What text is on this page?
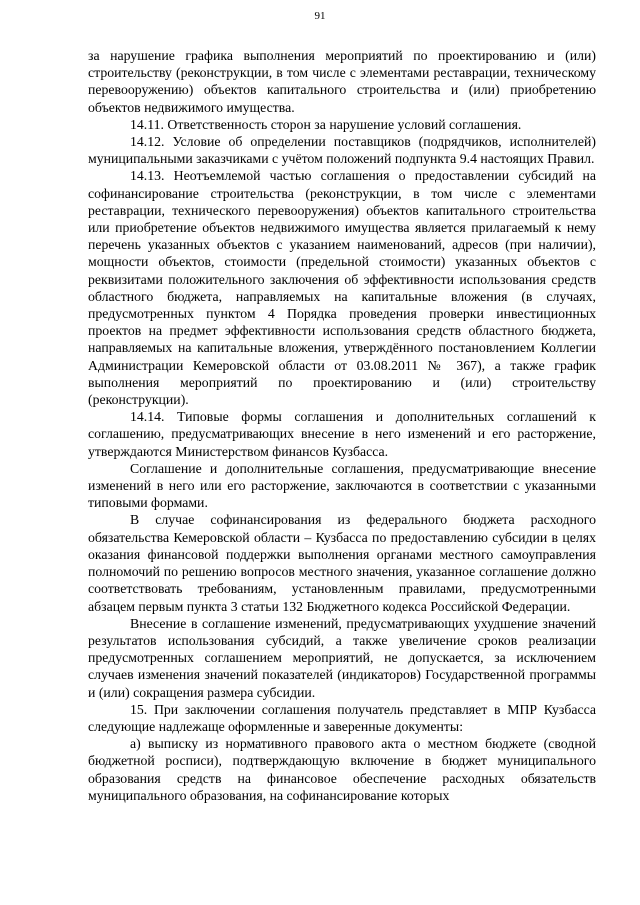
91

за нарушение графика выполнения мероприятий по проектированию и (или) строительству (реконструкции, в том числе с элементами реставрации, техническому перевооружению) объектов капитального строительства и (или) приобретению объектов недвижимого имущества.

14.11. Ответственность сторон за нарушение условий соглашения.

14.12. Условие об определении поставщиков (подрядчиков, исполнителей) муниципальными заказчиками с учётом положений подпункта 9.4 настоящих Правил.

14.13. Неотъемлемой частью соглашения о предоставлении субсидий на софинансирование строительства (реконструкции, в том числе с элементами реставрации, технического перевооружения) объектов капитального строительства или приобретение объектов недвижимого имущества является прилагаемый к нему перечень указанных объектов с указанием наименований, адресов (при наличии), мощности объектов, стоимости (предельной стоимости) указанных объектов с реквизитами положительного заключения об эффективности использования средств областного бюджета, направляемых на капитальные вложения (в случаях, предусмотренных пунктом 4 Порядка проведения проверки инвестиционных проектов на предмет эффективности использования средств областного бюджета, направляемых на капитальные вложения, утверждённого постановлением Коллегии Администрации Кемеровской области от 03.08.2011 № 367), а также график выполнения мероприятий по проектированию и (или) строительству (реконструкции).

14.14. Типовые формы соглашения и дополнительных соглашений к соглашению, предусматривающих внесение в него изменений и его расторжение, утверждаются Министерством финансов Кузбасса.

Соглашение и дополнительные соглашения, предусматривающие внесение изменений в него или его расторжение, заключаются в соответствии с указанными типовыми формами.

В случае софинансирования из федерального бюджета расходного обязательства Кемеровской области – Кузбасса по предоставлению субсидии в целях оказания финансовой поддержки выполнения органами местного самоуправления полномочий по решению вопросов местного значения, указанное соглашение должно соответствовать требованиям, установленным правилами, предусмотренными абзацем первым пункта 3 статьи 132 Бюджетного кодекса Российской Федерации.

Внесение в соглашение изменений, предусматривающих ухудшение значений результатов использования субсидий, а также увеличение сроков реализации предусмотренных соглашением мероприятий, не допускается, за исключением случаев изменения значений показателей (индикаторов) Государственной программы и (или) сокращения размера субсидии.

15. При заключении соглашения получатель представляет в МПР Кузбасса следующие надлежаще оформленные и заверенные документы:

а) выписку из нормативного правового акта о местном бюджете (сводной бюджетной росписи), подтверждающую включение в бюджет муниципального образования средств на финансовое обеспечение расходных обязательств муниципального образования, на софинансирование которых
